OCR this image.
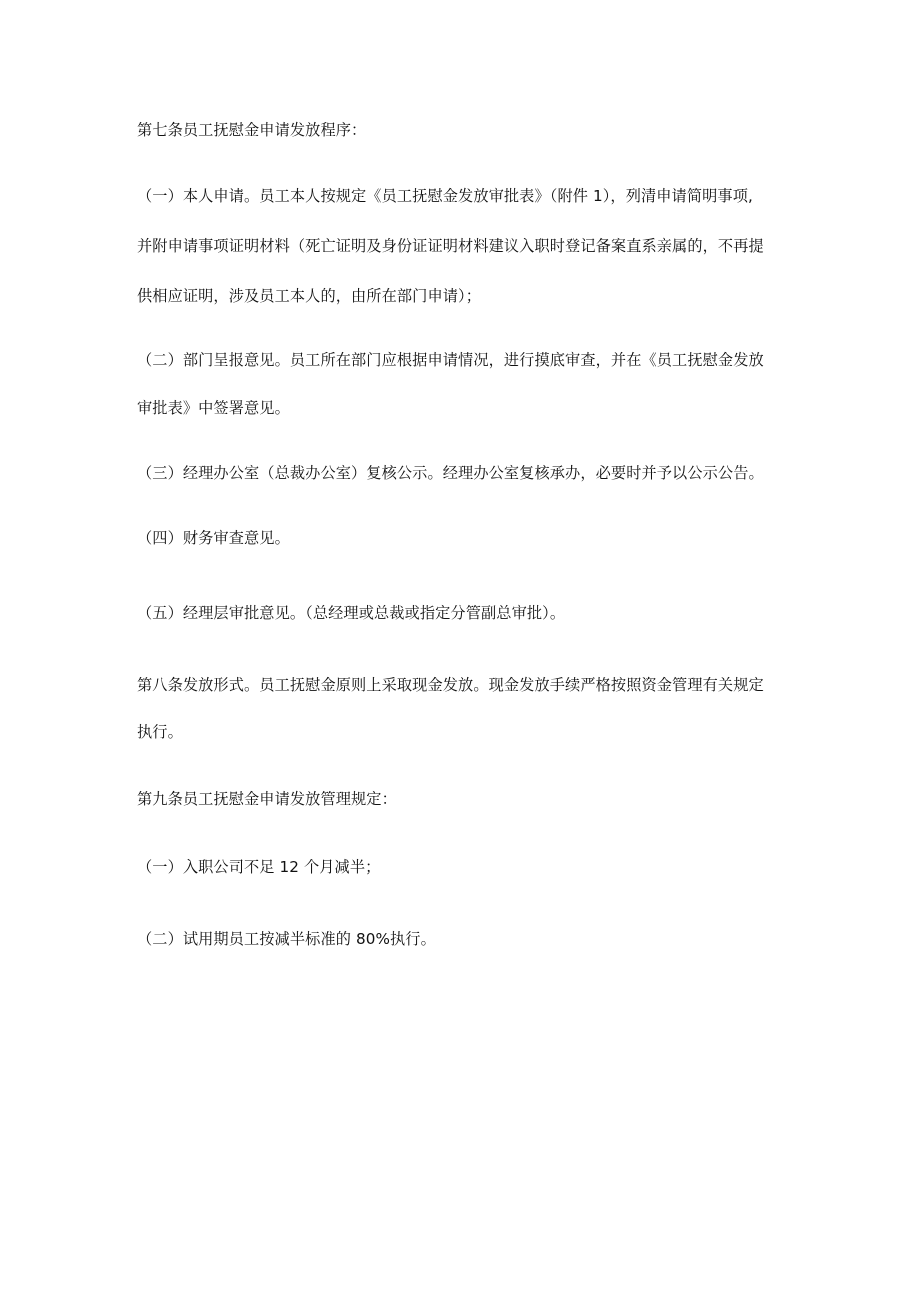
第七条员工抚慰金申请发放程序：
（一）本人申请。员工本人按规定《员工抚慰金发放审批表》（附件 1），列清申请简明事项,
并附申请事项证明材料（死亡证明及身份证证明材料建议入职时登记备案直系亲属的，不再提
供相应证明，涉及员工本人的，由所在部门申请）；
（二）部门呈报意见。员工所在部门应根据申请情况，进行摸底审查，并在《员工抚慰金发放
审批表》中签署意见。
（三）经理办公室（总裁办公室）复核公示。经理办公室复核承办，必要时并予以公示公告。
（四）财务审查意见。
（五）经理层审批意见。（总经理或总裁或指定分管副总审批）。
第八条发放形式。员工抚慰金原则上采取现金发放。现金发放手续严格按照资金管理有关规定
执行。
第九条员工抚慰金申请发放管理规定：
（一）入职公司不足 12 个月减半；
（二）试用期员工按减半标准的 80%执行。
